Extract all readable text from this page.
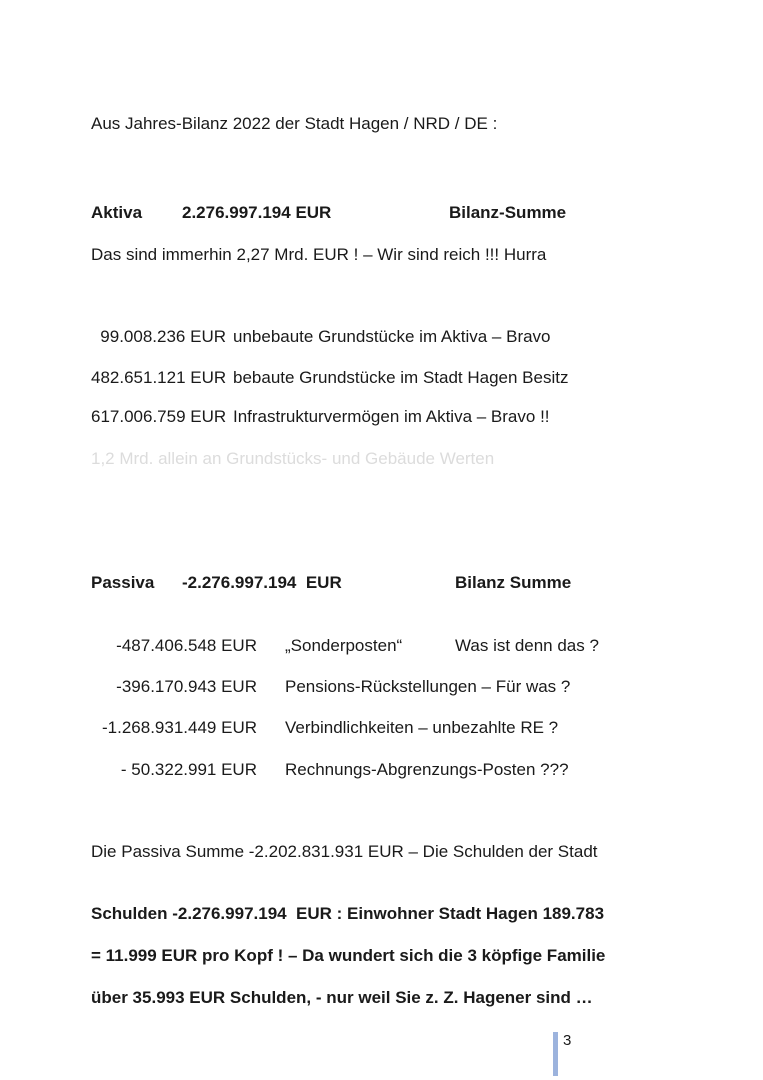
Aus Jahres-Bilanz 2022 der Stadt Hagen / NRD / DE :

Aktiva 2.276.997.194 EUR	Bilanz-Summe

Das sind immerhin 2,27 Mrd. EUR ! – Wir sind reich !!! Hurra

99.008.236 EUR unbebaute Grundstücke im Aktiva – Bravo

482.651.121 EUR bebaute Grundstücke im Stadt Hagen Besitz

617.006.759 EUR Infrastrukturvermögen im Aktiva – Bravo !!

1,2 Mrd. allein an Grundstücks- und Gebäude Werten

Passiva -2.276.997.194  EUR	Bilanz Summe

-487.406.548 EUR „Sonderposten“	Was ist denn das ?

-396.170.943 EUR Pensions-Rückstellungen – Für was ?

-1.268.931.449 EUR Verbindlichkeiten – unbezahlte RE ?

- 50.322.991 EUR Rechnungs-Abgrenzungs-Posten ???

Die Passiva Summe -2.202.831.931 EUR – Die Schulden der Stadt

Schulden -2.276.997.194  EUR : Einwohner Stadt Hagen 189.783

= 11.999 EUR pro Kopf ! – Da wundert sich die 3 köpfige Familie

über 35.993 EUR Schulden, - nur weil Sie z. Z. Hagener sind …

3
